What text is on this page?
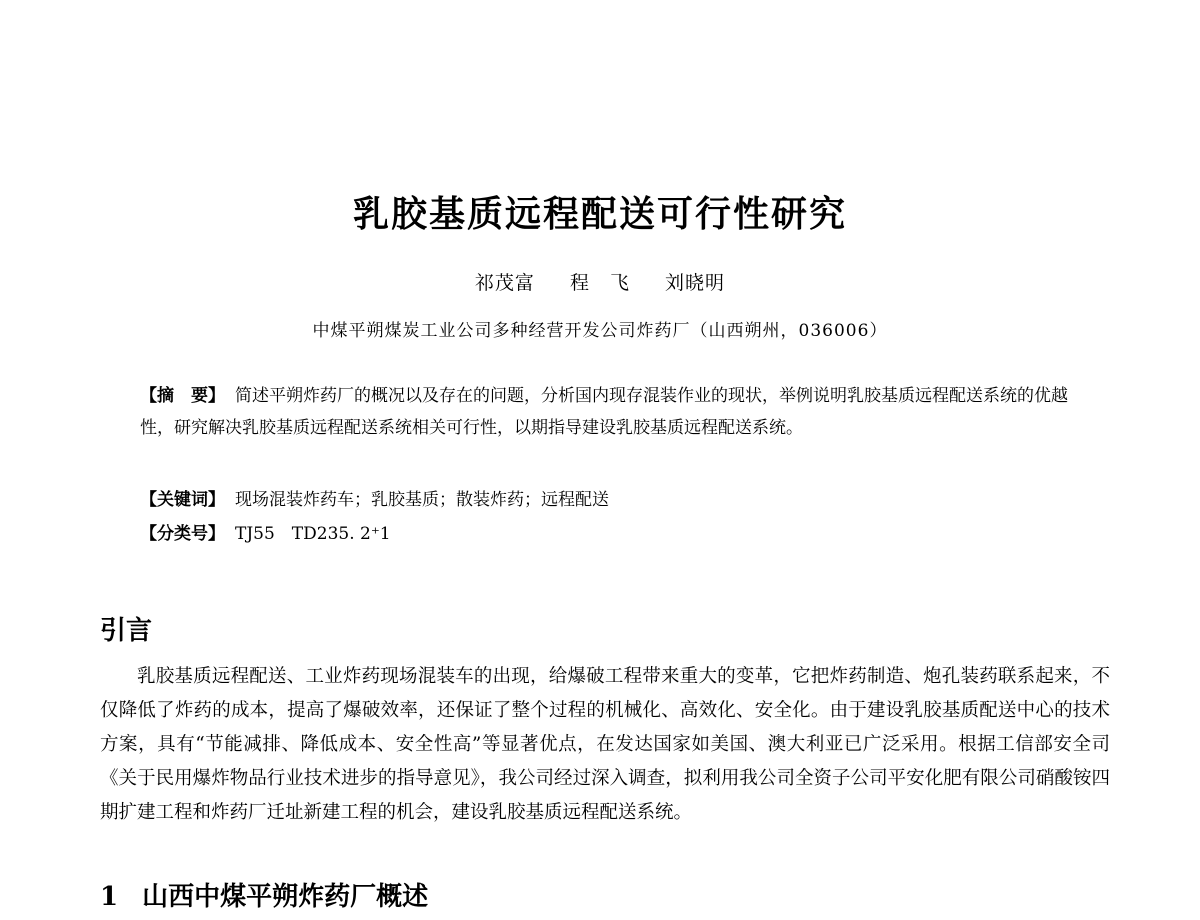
乳胶基质远程配送可行性研究
祁茂富 程　飞 刘晓明
中煤平朔煤炭工业公司多种经营开发公司炸药厂（山西朔州，036006）
【摘　要】 简述平朔炸药厂的概况以及存在的问题，分析国内现存混装作业的现状，举例说明乳胶基质远程配送系统的优越性，研究解决乳胶基质远程配送系统相关可行性，以期指导建设乳胶基质远程配送系统。
【关键词】 现场混装炸药车；乳胶基质；散装炸药；远程配送
【分类号】 TJ55　TD235. 2⁺1
引言
乳胶基质远程配送、工业炸药现场混装车的出现，给爆破工程带来重大的变革，它把炸药制造、炮孔装药联系起来，不仅降低了炸药的成本，提高了爆破效率，还保证了整个过程的机械化、高效化、安全化。由于建设乳胶基质配送中心的技术方案，具有“节能减排、降低成本、安全性高”等显著优点，在发达国家如美国、澳大利亚已广泛采用。根据工信部安全司《关于民用爆炸物品行业技术进步的指导意见》，我公司经过深入调查，拟利用我公司全资子公司平安化肥有限公司硝酸铵四期扩建工程和炸药厂迁址新建工程的机会，建设乳胶基质远程配送系统。
1 山西中煤平朔炸药厂概述
